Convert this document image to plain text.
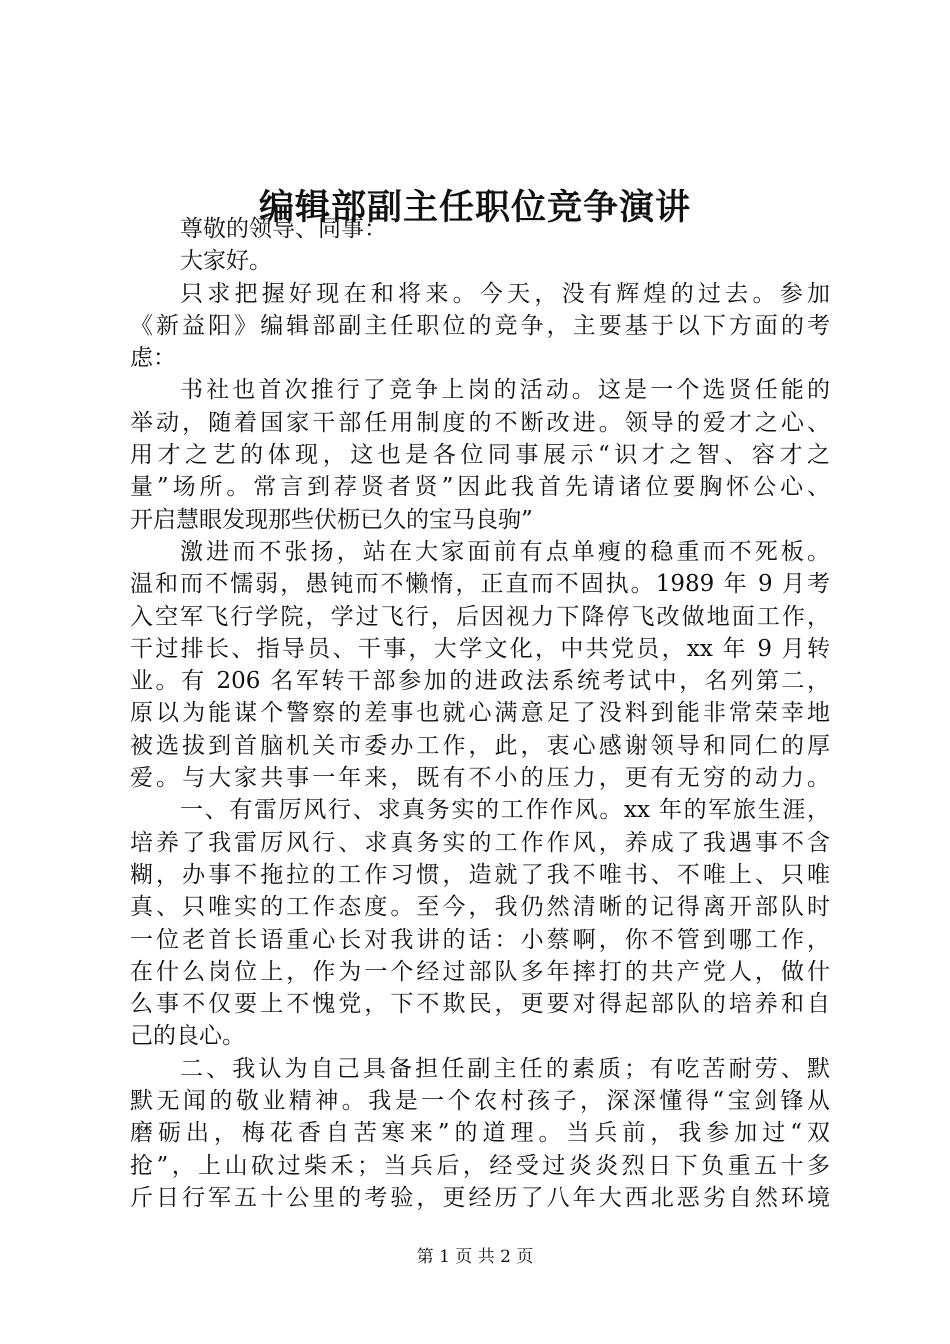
编辑部副主任职位竞争演讲
尊敬的领导、同事：
大家好。
只求把握好现在和将来。今天，没有辉煌的过去。参加
《新益阳》编辑部副主任职位的竞争，主要基于以下方面的考
虑：
书社也首次推行了竞争上岗的活动。这是一个选贤任能的
举动，随着国家干部任用制度的不断改进。领导的爱才之心、
用才之艺的体现，这也是各位同事展示“识才之智、容才之
量”场所。常言到荐贤者贤”因此我首先请诸位要胸怀公心、
开启慧眼发现那些伏枥已久的宝马良驹”
激进而不张扬，站在大家面前有点单瘦的稳重而不死板。
温和而不懦弱，愚钝而不懒惰，正直而不固执。1989 年 9 月考
入空军飞行学院，学过飞行，后因视力下降停飞改做地面工作，
干过排长、指导员、干事，大学文化，中共党员，xx 年 9 月转
业。有 206 名军转干部参加的进政法系统考试中，名列第二，
原以为能谋个警察的差事也就心满意足了没料到能非常荣幸地
被选拔到首脑机关市委办工作，此，衷心感谢领导和同仁的厚
爱。与大家共事一年来，既有不小的压力，更有无穷的动力。
一、有雷厉风行、求真务实的工作作风。xx 年的军旅生涯，
培养了我雷厉风行、求真务实的工作作风，养成了我遇事不含
糊，办事不拖拉的工作习惯，造就了我不唯书、不唯上、只唯
真、只唯实的工作态度。至今，我仍然清晰的记得离开部队时
一位老首长语重心长对我讲的话：小蔡啊，你不管到哪工作，
在什么岗位上，作为一个经过部队多年摔打的共产党人，做什
么事不仅要上不愧党，下不欺民，更要对得起部队的培养和自
己的良心。
二、我认为自己具备担任副主任的素质；有吃苦耐劳、默
默无闻的敬业精神。我是一个农村孩子，深深懂得“宝剑锋从
磨砺出，梅花香自苦寒来”的道理。当兵前，我参加过“双
抢”，上山砍过柴禾；当兵后，经受过炎炎烈日下负重五十多
斤日行军五十公里的考验，更经历了八年大西北恶劣自然环境
第 1 页 共 2 页
